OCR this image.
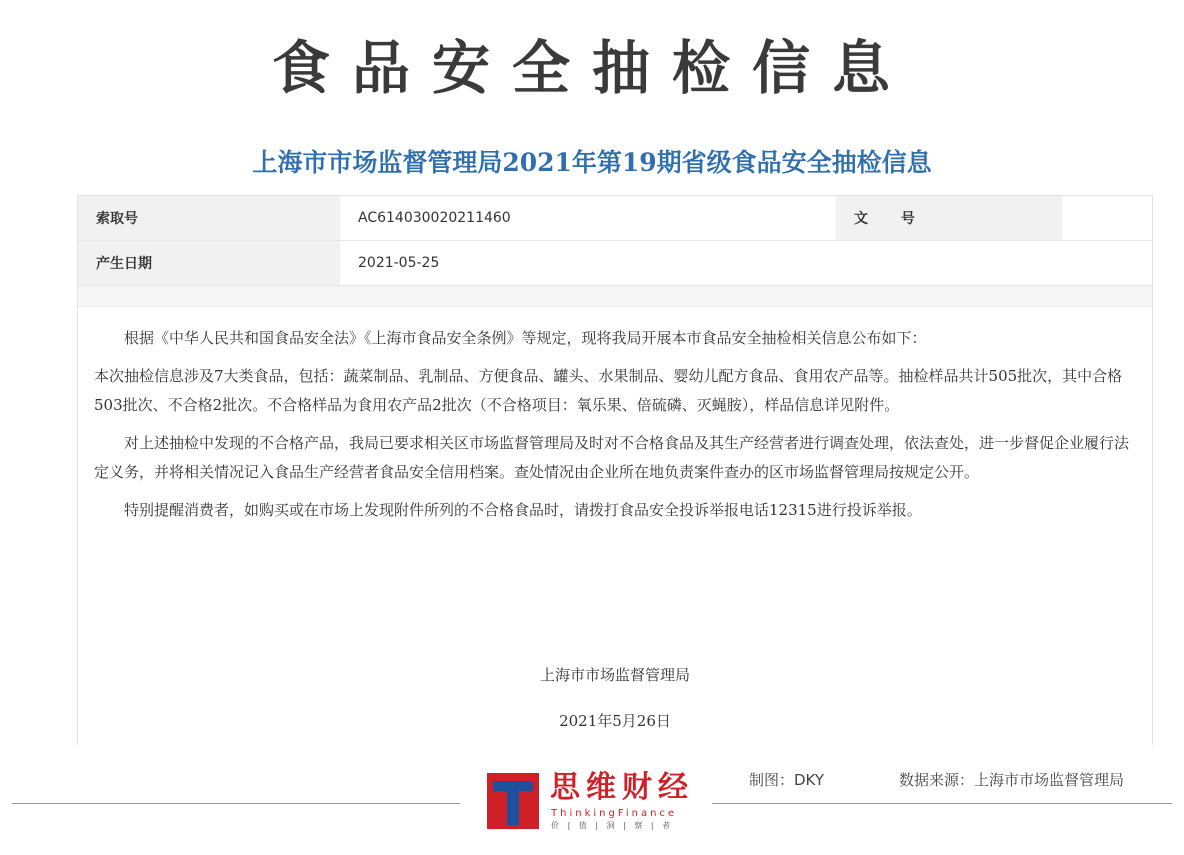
食品安全抽检信息
上海市市场监督管理局2021年第19期省级食品安全抽检信息
索取号	AC614030020211460	文 号
产生日期	2021-05-25

根据《中华人民共和国食品安全法》《上海市食品安全条例》等规定，现将我局开展本市食品安全抽检相关信息公布如下：

本次抽检信息涉及7大类食品，包括：蔬菜制品、乳制品、方便食品、罐头、水果制品、婴幼儿配方食品、食用农产品等。抽检样品共计505批次，其中合格503批次、不合格2批次。不合格样品为食用农产品2批次（不合格项目：氧乐果、倍硫磷、灭蝇胺），样品信息详见附件。

对上述抽检中发现的不合格产品，我局已要求相关区市场监督管理局及时对不合格食品及其生产经营者进行调查处理，依法查处，进一步督促企业履行法定义务，并将相关情况记入食品生产经营者食品安全信用档案。查处情况由企业所在地负责案件查办的区市场监督管理局按规定公开。

特别提醒消费者，如购买或在市场上发现附件所列的不合格食品时，请拨打食品安全投诉举报电话12315进行投诉举报。

上海市市场监督管理局
2021年5月26日
思维财经
ThinkingFinance
价 | 值 | 洞 | 察 | 者
制图：DKY	数据来源：上海市市场监督管理局
